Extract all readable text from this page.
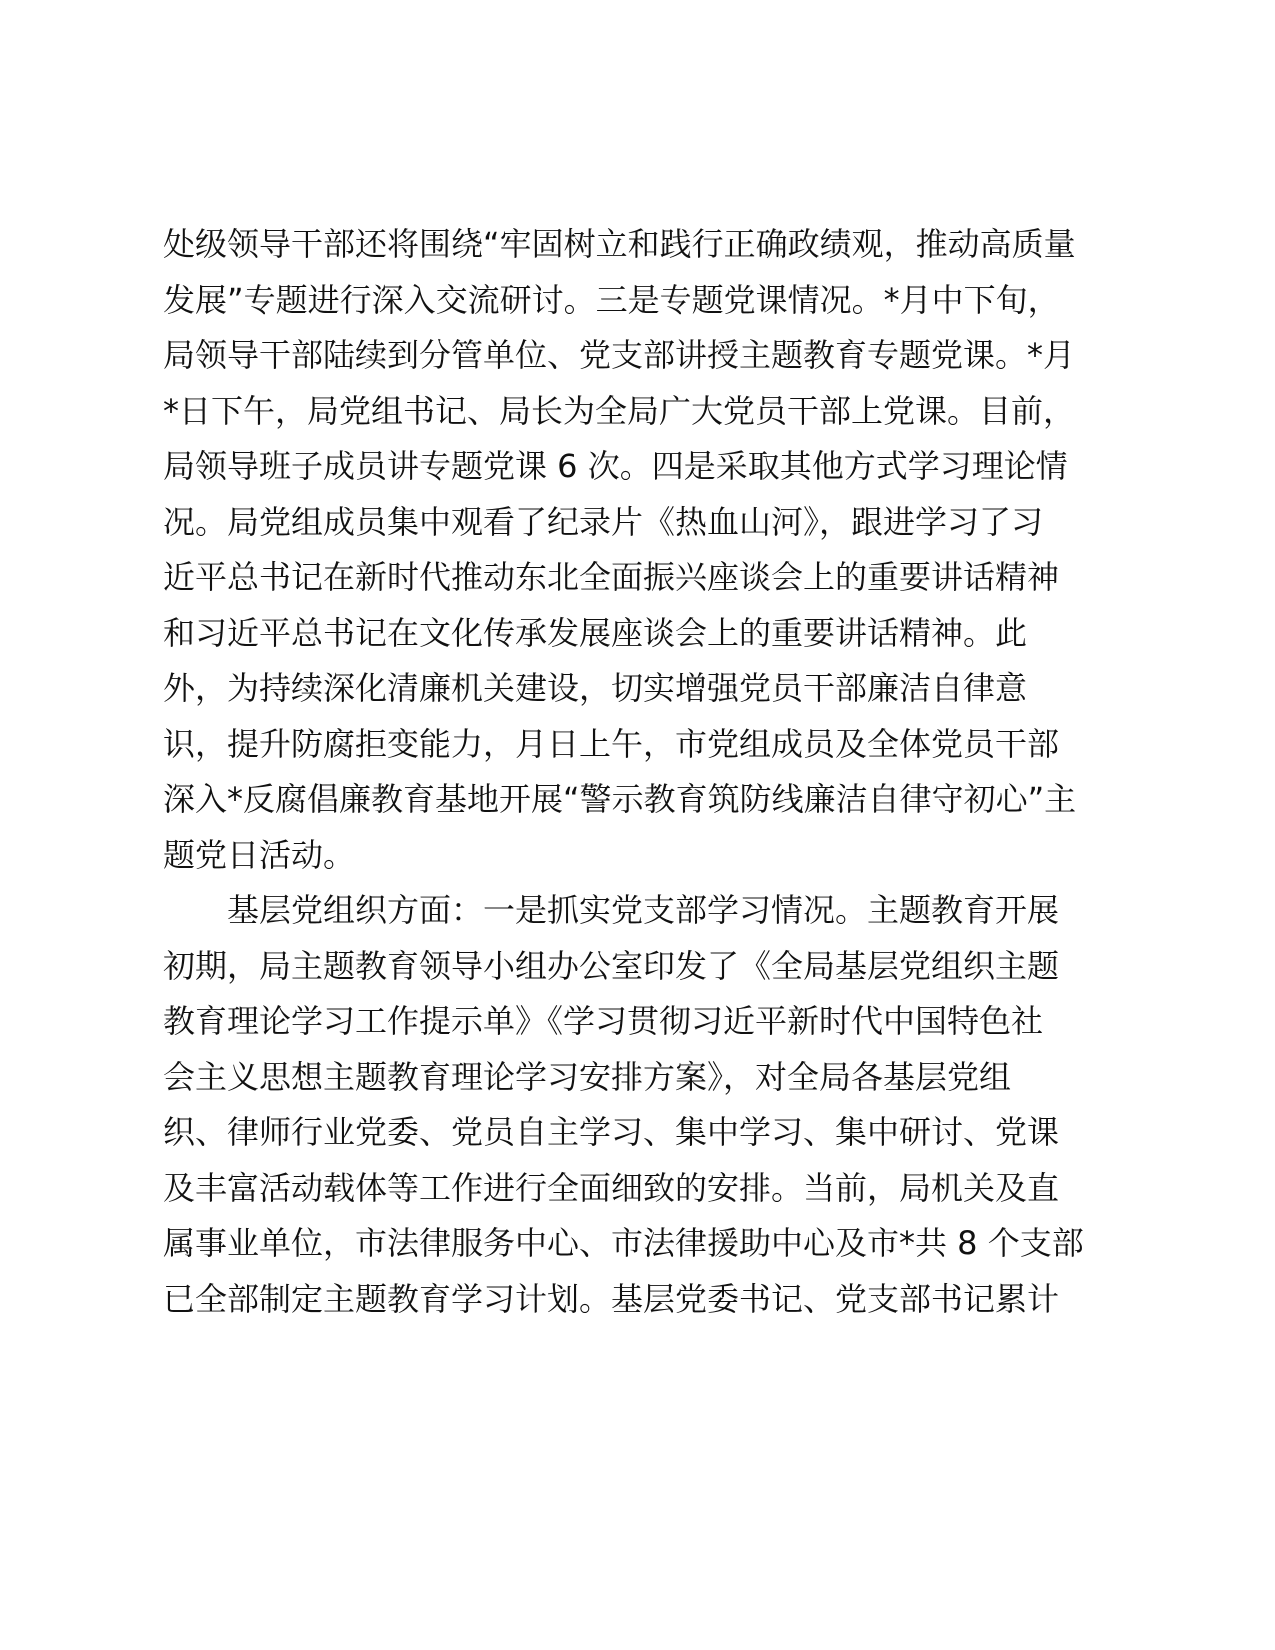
处级领导干部还将围绕“牢固树立和践行正确政绩观，推动高质量
发展”专题进行深入交流研讨。三是专题党课情况。*月中下旬，
局领导干部陆续到分管单位、党支部讲授主题教育专题党课。*月
*日下午，局党组书记、局长为全局广大党员干部上党课。目前，
局领导班子成员讲专题党课 6 次。四是采取其他方式学习理论情
况。局党组成员集中观看了纪录片《热血山河》，跟进学习了习
近平总书记在新时代推动东北全面振兴座谈会上的重要讲话精神
和习近平总书记在文化传承发展座谈会上的重要讲话精神。此
外，为持续深化清廉机关建设，切实增强党员干部廉洁自律意
识，提升防腐拒变能力，月日上午，市党组成员及全体党员干部
深入*反腐倡廉教育基地开展“警示教育筑防线廉洁自律守初心”主
题党日活动。
基层党组织方面：一是抓实党支部学习情况。主题教育开展
初期，局主题教育领导小组办公室印发了《全局基层党组织主题
教育理论学习工作提示单》《学习贯彻习近平新时代中国特色社
会主义思想主题教育理论学习安排方案》，对全局各基层党组
织、律师行业党委、党员自主学习、集中学习、集中研讨、党课
及丰富活动载体等工作进行全面细致的安排。当前，局机关及直
属事业单位，市法律服务中心、市法律援助中心及市*共 8 个支部
已全部制定主题教育学习计划。基层党委书记、党支部书记累计
